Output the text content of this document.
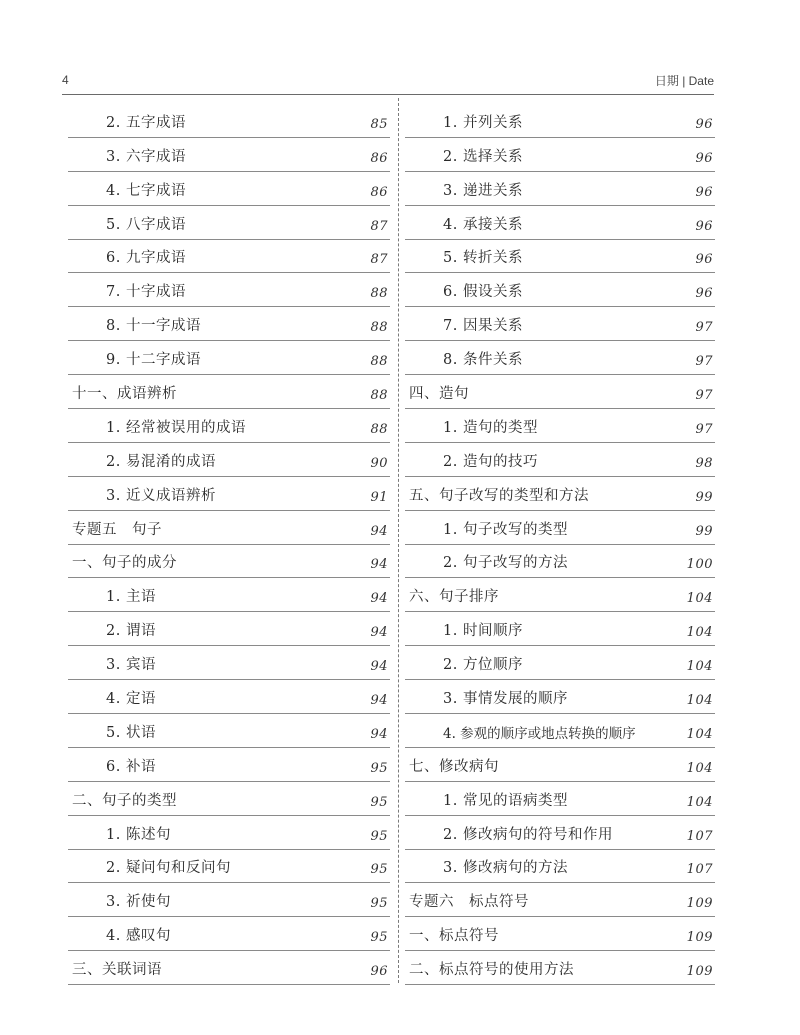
4	日期 | Date
2. 五字成语	85
3. 六字成语	86
4. 七字成语	86
5. 八字成语	87
6. 九字成语	87
7. 十字成语	88
8. 十一字成语	88
9. 十二字成语	88
十一、成语辨析	88
1. 经常被误用的成语	88
2. 易混淆的成语	90
3. 近义成语辨析	91
专题五　句子	94
一、句子的成分	94
1. 主语	94
2. 谓语	94
3. 宾语	94
4. 定语	94
5. 状语	94
6. 补语	95
二、句子的类型	95
1. 陈述句	95
2. 疑问句和反问句	95
3. 祈使句	95
4. 感叹句	95
三、关联词语	96
1. 并列关系	96
2. 选择关系	96
3. 递进关系	96
4. 承接关系	96
5. 转折关系	96
6. 假设关系	96
7. 因果关系	97
8. 条件关系	97
四、造句	97
1. 造句的类型	97
2. 造句的技巧	98
五、句子改写的类型和方法	99
1. 句子改写的类型	99
2. 句子改写的方法	100
六、句子排序	104
1. 时间顺序	104
2. 方位顺序	104
3. 事情发展的顺序	104
4. 参观的顺序或地点转换的顺序	104
七、修改病句	104
1. 常见的语病类型	104
2. 修改病句的符号和作用	107
3. 修改病句的方法	107
专题六　标点符号	109
一、标点符号	109
二、标点符号的使用方法	109
